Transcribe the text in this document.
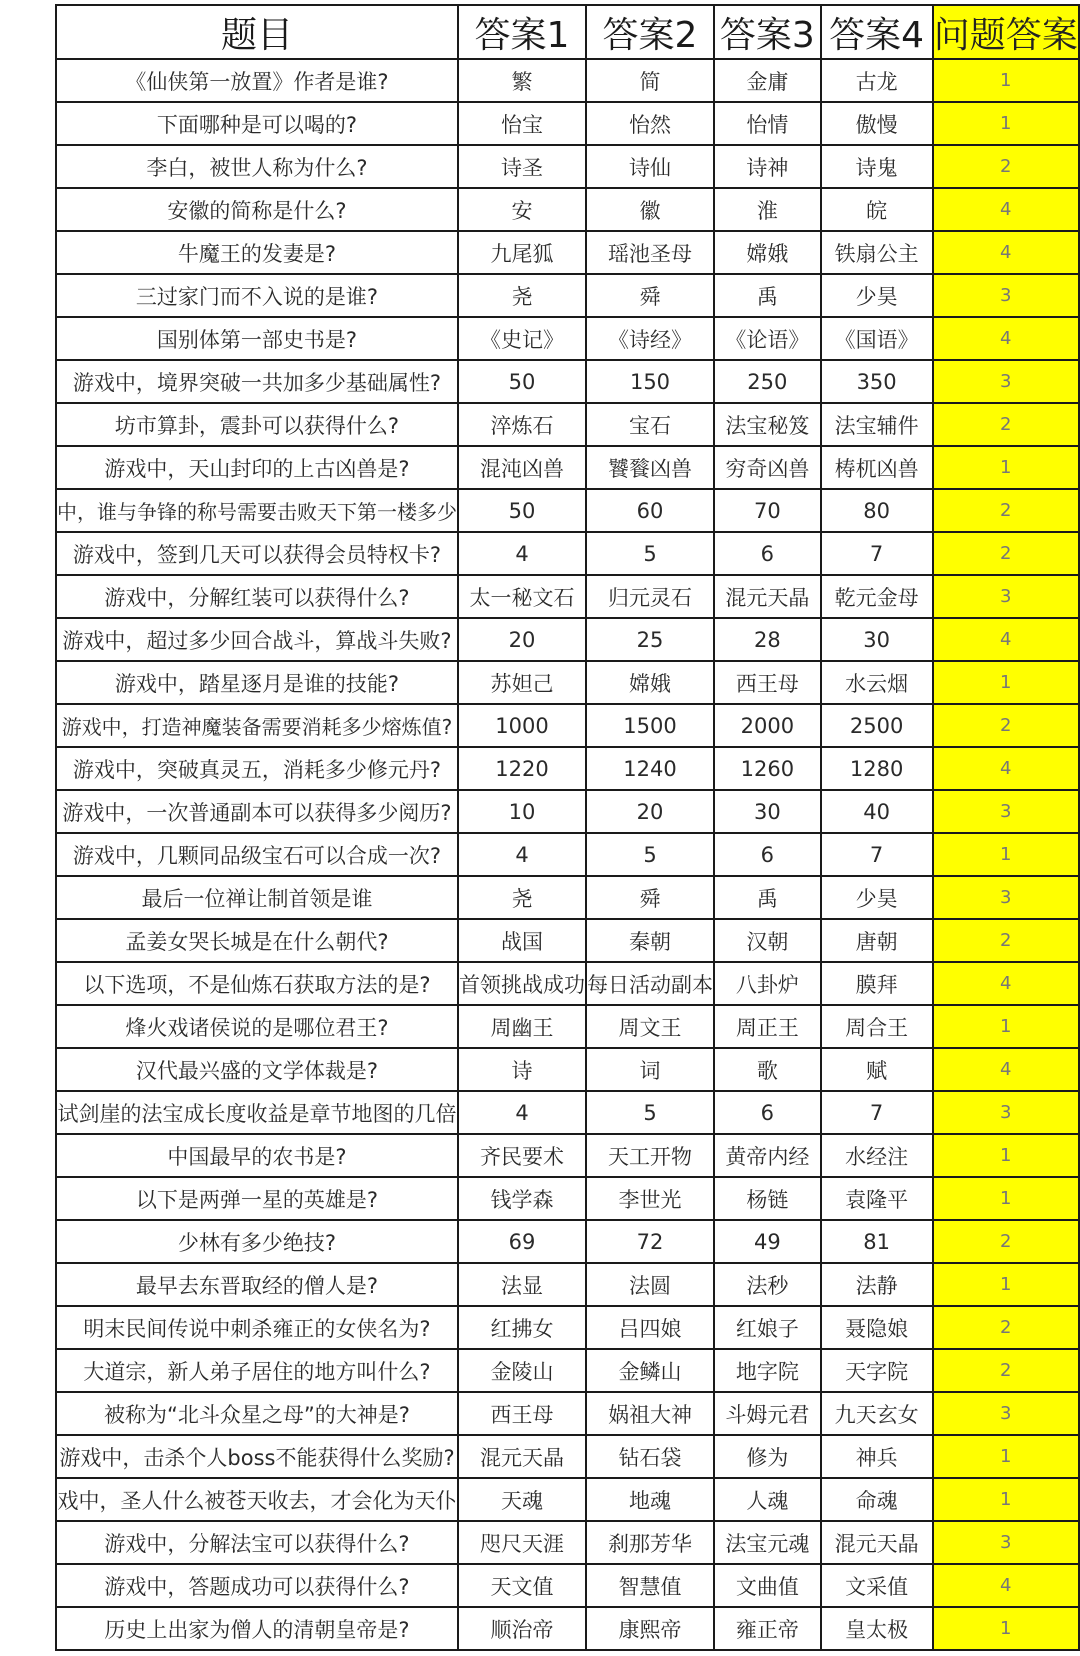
题目	答案1	答案2	答案3	答案4	问题答案
《仙侠第一放置》作者是谁?	繁	简	金庸	古龙	1
下面哪种是可以喝的?	怡宝	怡然	怡情	傲慢	1
李白，被世人称为什么?	诗圣	诗仙	诗神	诗鬼	2
安徽的简称是什么?	安	徽	淮	皖	4
牛魔王的发妻是?	九尾狐	瑶池圣母	嫦娥	铁扇公主	4
三过家门而不入说的是谁?	尧	舜	禹	少昊	3
国别体第一部史书是?	《史记》	《诗经》	《论语》	《国语》	4
游戏中，境界突破一共加多少基础属性?	50	150	250	350	3
坊市算卦，震卦可以获得什么?	淬炼石	宝石	法宝秘笈	法宝辅件	2
游戏中，天山封印的上古凶兽是?	混沌凶兽	饕餮凶兽	穷奇凶兽	梼杌凶兽	1
中，谁与争锋的称号需要击败天下第一楼多少	50	60	70	80	2
游戏中，签到几天可以获得会员特权卡?	4	5	6	7	2
游戏中，分解红装可以获得什么?	太一秘文石	归元灵石	混元天晶	乾元金母	3
游戏中，超过多少回合战斗，算战斗失败?	20	25	28	30	4
游戏中，踏星逐月是谁的技能?	苏妲己	嫦娥	西王母	水云烟	1
游戏中，打造神魔装备需要消耗多少熔炼值?	1000	1500	2000	2500	2
游戏中，突破真灵五，消耗多少修元丹?	1220	1240	1260	1280	4
游戏中，一次普通副本可以获得多少阅历?	10	20	30	40	3
游戏中，几颗同品级宝石可以合成一次?	4	5	6	7	1
最后一位禅让制首领是谁	尧	舜	禹	少昊	3
孟姜女哭长城是在什么朝代?	战国	秦朝	汉朝	唐朝	2
以下选项，不是仙炼石获取方法的是?	首领挑战成功	每日活动副本	八卦炉	膜拜	4
烽火戏诸侯说的是哪位君王?	周幽王	周文王	周正王	周合王	1
汉代最兴盛的文学体裁是?	诗	词	歌	赋	4
试剑崖的法宝成长度收益是章节地图的几倍	4	5	6	7	3
中国最早的农书是?	齐民要术	天工开物	黄帝内经	水经注	1
以下是两弹一星的英雄是?	钱学森	李世光	杨链	袁隆平	1
少林有多少绝技?	69	72	49	81	2
最早去东晋取经的僧人是?	法显	法圆	法秒	法静	1
明末民间传说中刺杀雍正的女侠名为?	红拂女	吕四娘	红娘子	聂隐娘	2
大道宗，新人弟子居住的地方叫什么?	金陵山	金鳞山	地字院	天字院	2
被称为“北斗众星之母”的大神是?	西王母	娲祖大神	斗姆元君	九天玄女	3
游戏中，击杀个人boss不能获得什么奖励?	混元天晶	钻石袋	修为	神兵	1
戏中，圣人什么被苍天收去，才会化为天仆	天魂	地魂	人魂	命魂	1
游戏中，分解法宝可以获得什么?	咫尺天涯	刹那芳华	法宝元魂	混元天晶	3
游戏中，答题成功可以获得什么?	天文值	智慧值	文曲值	文采值	4
历史上出家为僧人的清朝皇帝是?	顺治帝	康熙帝	雍正帝	皇太极	1
